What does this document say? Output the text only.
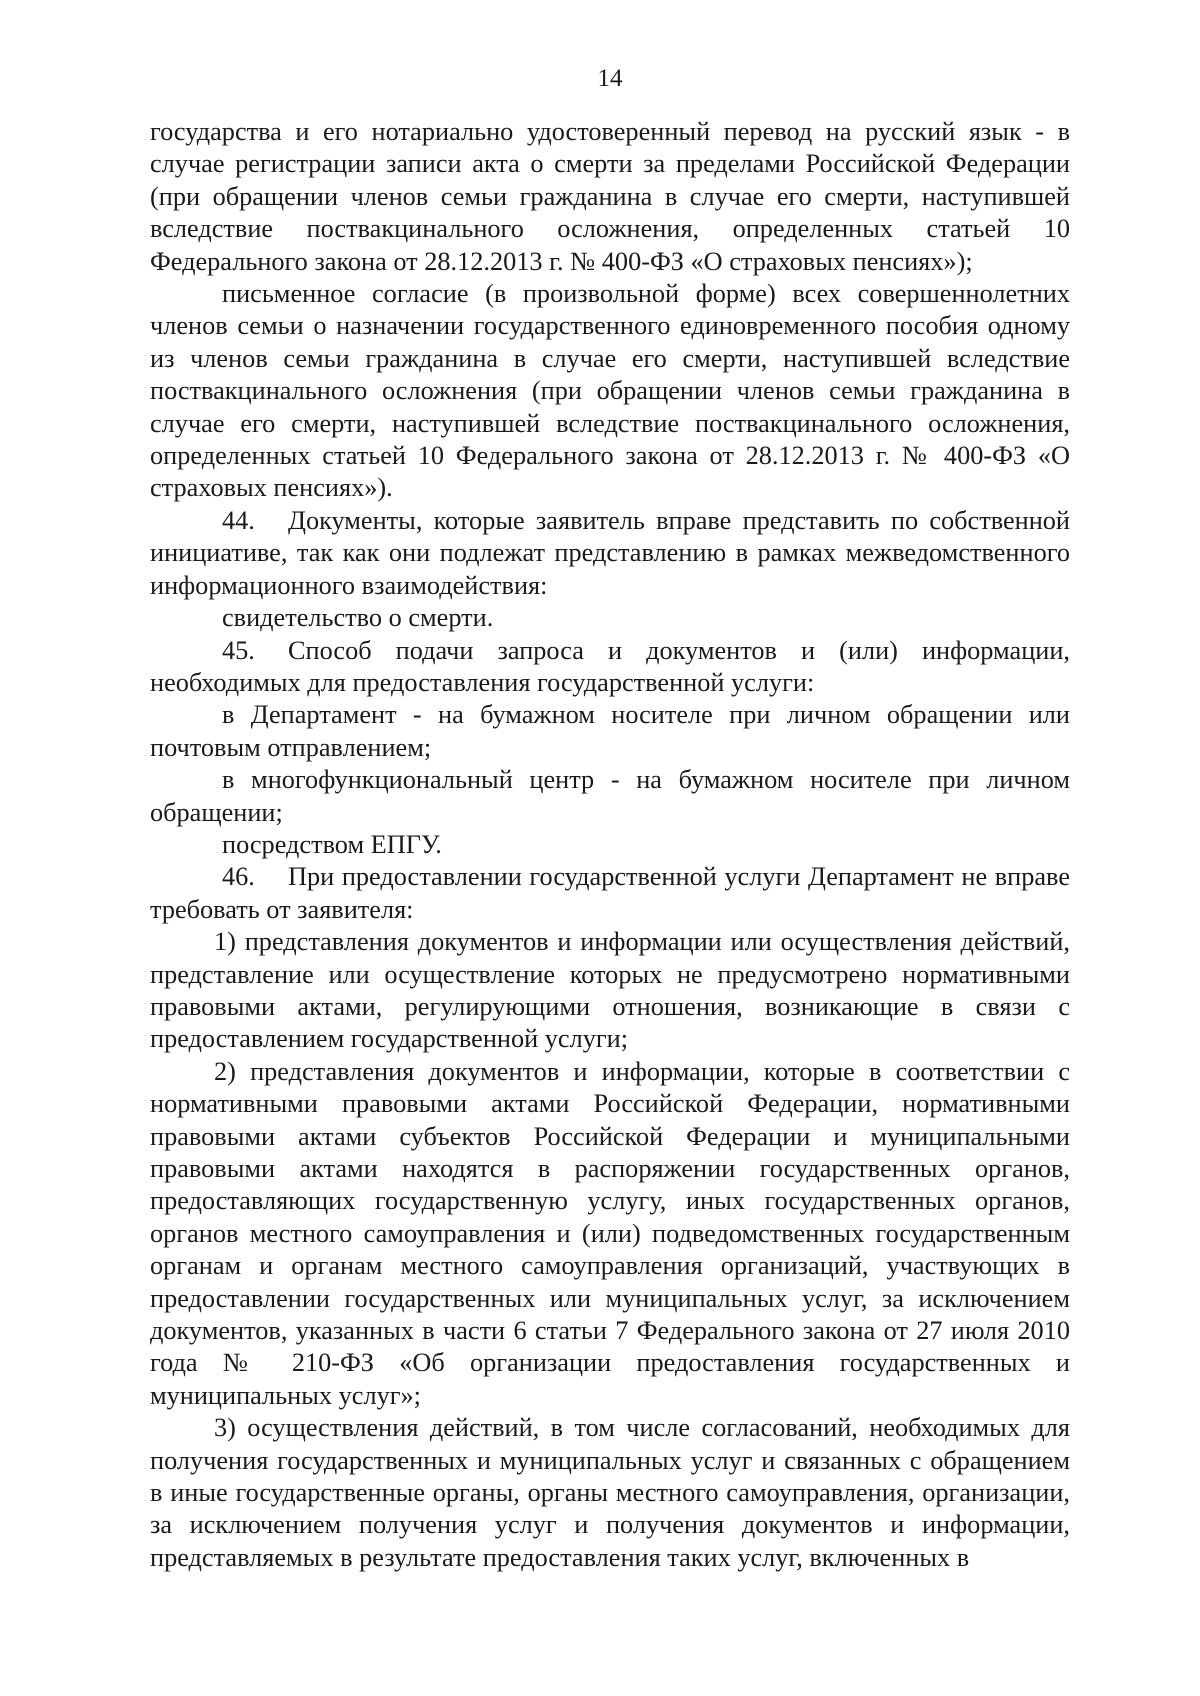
14

государства и его нотариально удостоверенный перевод на русский язык - в случае регистрации записи акта о смерти за пределами Российской Федерации (при обращении членов семьи гражданина в случае его смерти, наступившей вследствие поствакцинального осложнения, определенных статьей 10 Федерального закона от 28.12.2013 г. № 400-ФЗ «О страховых пенсиях»);

письменное согласие (в произвольной форме) всех совершеннолетних членов семьи о назначении государственного единовременного пособия одному из членов семьи гражданина в случае его смерти, наступившей вследствие поствакцинального осложнения (при обращении членов семьи гражданина в случае его смерти, наступившей вследствие поствакцинального осложнения, определенных статьей 10 Федерального закона от 28.12.2013 г. № 400-ФЗ «О страховых пенсиях»).

44. Документы, которые заявитель вправе представить по собственной инициативе, так как они подлежат представлению в рамках межведомственного информационного взаимодействия:

свидетельство о смерти.

45. Способ подачи запроса и документов и (или) информации, необходимых для предоставления государственной услуги:

в Департамент - на бумажном носителе при личном обращении или почтовым отправлением;

в многофункциональный центр - на бумажном носителе при личном обращении;

посредством ЕПГУ.

46. При предоставлении государственной услуги Департамент не вправе требовать от заявителя:

1) представления документов и информации или осуществления действий, представление или осуществление которых не предусмотрено нормативными правовыми актами, регулирующими отношения, возникающие в связи с предоставлением государственной услуги;

2) представления документов и информации, которые в соответствии с нормативными правовыми актами Российской Федерации, нормативными правовыми актами субъектов Российской Федерации и муниципальными правовыми актами находятся в распоряжении государственных органов, предоставляющих государственную услугу, иных государственных органов, органов местного самоуправления и (или) подведомственных государственным органам и органам местного самоуправления организаций, участвующих в предоставлении государственных или муниципальных услуг, за исключением документов, указанных в части 6 статьи 7 Федерального закона от 27 июля 2010 года № 210-ФЗ «Об организации предоставления государственных и муниципальных услуг»;

3) осуществления действий, в том числе согласований, необходимых для получения государственных и муниципальных услуг и связанных с обращением в иные государственные органы, органы местного самоуправления, организации, за исключением получения услуг и получения документов и информации, представляемых в результате предоставления таких услуг, включенных в
